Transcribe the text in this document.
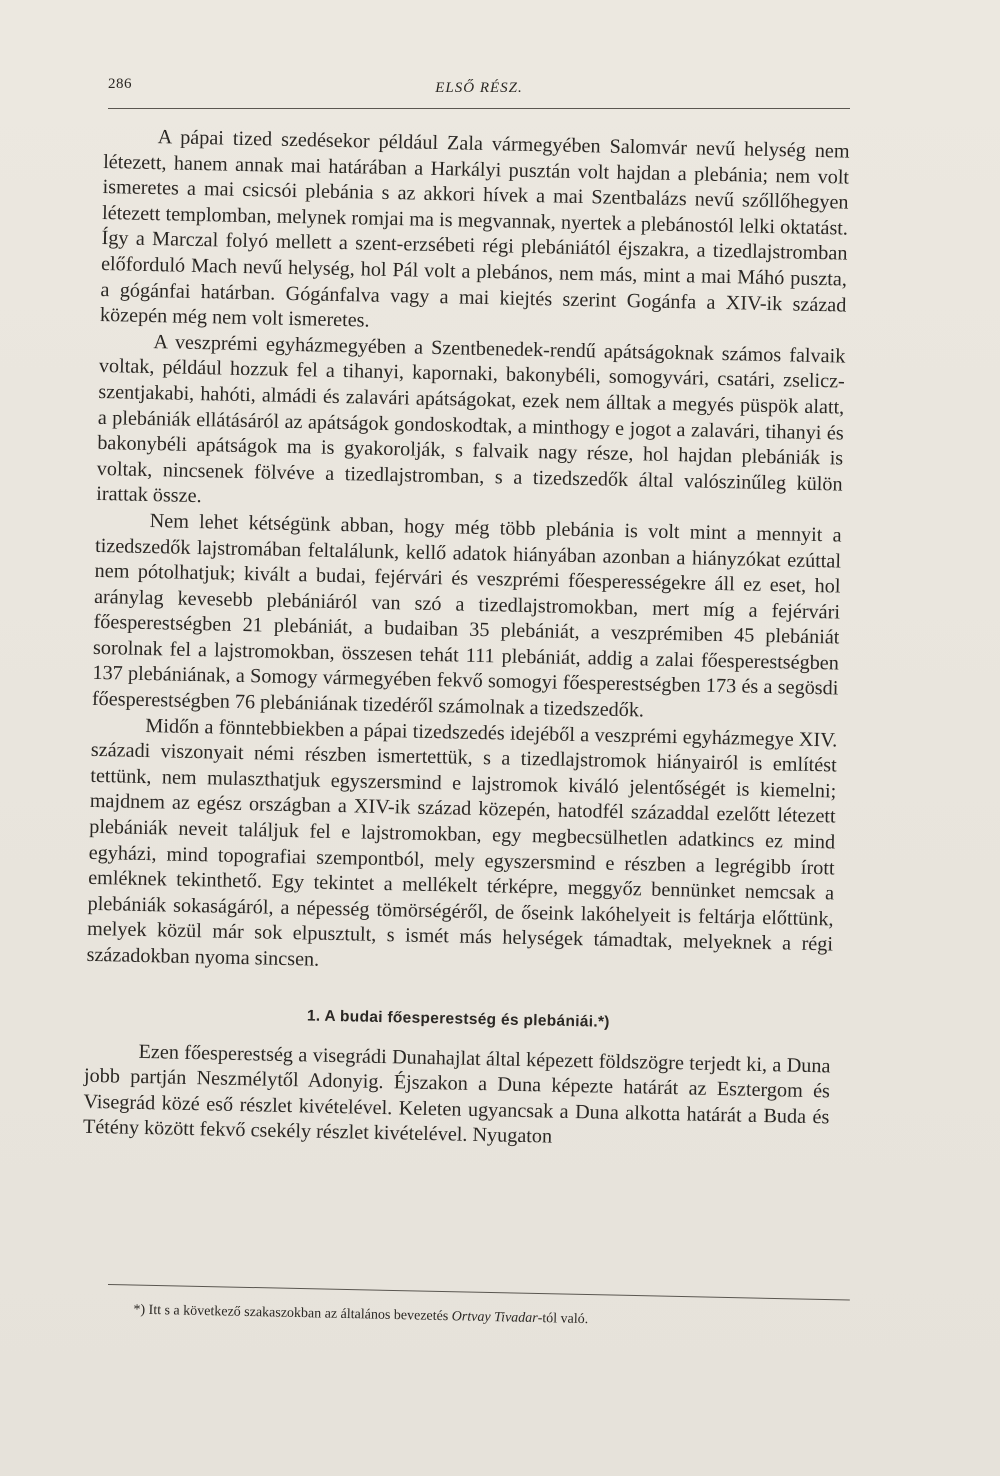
286	ELSŐ RÉSZ.

A pápai tized szedésekor például Zala vármegyében Salomvár nevű helység nem létezett, hanem annak mai határában a Harkályi pusztán volt hajdan a plebánia; nem volt ismeretes a mai csicsói plebánia s az akkori hívek a mai Szentbalázs nevű szőllőhegyen létezett templomban, melynek romjai ma is megvannak, nyertek a plebánostól lelki oktatást. Így a Marczal folyó mellett a szent-erzsébeti régi plebániától éjszakra, a tizedlajstromban előforduló Mach nevű helység, hol Pál volt a plebános, nem más, mint a mai Máhó puszta, a gógánfai határban. Gógánfalva vagy a mai kiejtés szerint Gogánfa a XIV-ik század közepén még nem volt ismeretes.

A veszprémi egyházmegyében a Szentbenedek-rendű apátságoknak számos falvaik voltak, például hozzuk fel a tihanyi, kapornaki, bakonybéli, somogyvári, csatári, zselicz-szentjakabi, hahóti, almádi és zalavári apátságokat, ezek nem álltak a megyés püspök alatt, a plebániák ellátásáról az apátságok gondoskodtak, a minthogy e jogot a zalavári, tihanyi és bakonybéli apátságok ma is gyakorolják, s falvaik nagy része, hol hajdan plebániák is voltak, nincsenek fölvéve a tizedlajstromban, s a tizedszedők által valószinűleg külön irattak össze.

Nem lehet kétségünk abban, hogy még több plebánia is volt mint a mennyit a tizedszedők lajstromában feltalálunk, kellő adatok hiányában azonban a hiányzókat ezúttal nem pótolhatjuk; kivált a budai, fejérvári és veszprémi főesperességekre áll ez eset, hol aránylag kevesebb plebániáról van szó a tizedlajstromokban, mert míg a fejérvári főesperestségben 21 plebániát, a budaiban 35 plebániát, a veszprémiben 45 plebániát sorolnak fel a lajstromokban, összesen tehát 111 plebániát, addig a zalai főesperestségben 137 plebániának, a Somogy vármegyében fekvő somogyi főesperestségben 173 és a segösdi főesperestségben 76 plebániának tizedéről számolnak a tizedszedők.

Midőn a fönntebbiekben a pápai tizedszedés idejéből a veszprémi egyházmegye XIV. századi viszonyait némi részben ismertettük, s a tizedlajstromok hiányairól is említést tettünk, nem mulaszthatjuk egyszersmind e lajstromok kiváló jelentőségét is kiemelni; majdnem az egész országban a XIV-ik század közepén, hatodfél századdal ezelőtt létezett plebániák neveit találjuk fel e lajstromokban, egy megbecsülhetlen adatkincs ez mind egyházi, mind topografiai szempontból, mely egyszersmind e részben a legrégibb írott emléknek tekinthető. Egy tekintet a mellékelt térképre, meggyőz bennünket nemcsak a plebániák sokaságáról, a népesség tömörségéről, de őseink lakóhelyeit is feltárja előttünk, melyek közül már sok elpusztult, s ismét más helységek támadtak, melyeknek a régi századokban nyoma sincsen.

1. A budai főesperestség és plebániái.*)

Ezen főesperestség a visegrádi Dunahajlat által képezett földszögre terjedt ki, a Duna jobb partján Neszmélytől Adonyig. Éjszakon a Duna képezte határát az Esztergom és Visegrád közé eső részlet kivételével. Keleten ugyancsak a Duna alkotta határát a Buda és Tétény között fekvő csekély részlet kivételével. Nyugaton

*) Itt s a következő szakaszokban az általános bevezetés Ortvay Tivadar-tól való.
